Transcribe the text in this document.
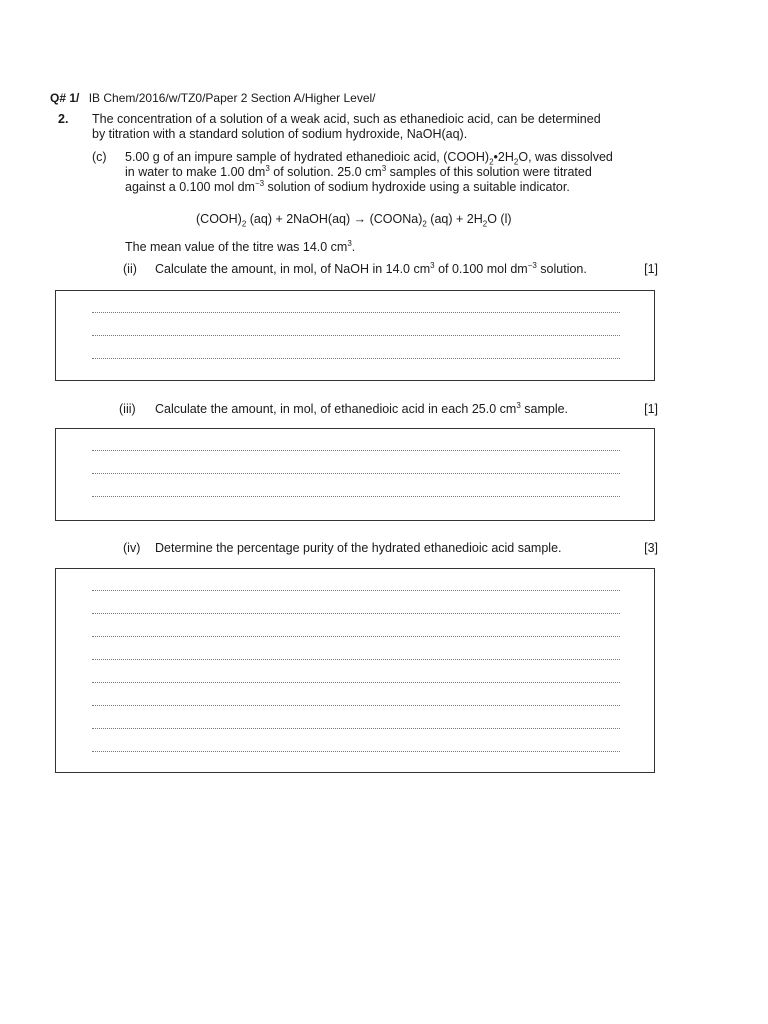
Q# 1/ IB Chem/2016/w/TZ0/Paper 2 Section A/Higher Level/
2. The concentration of a solution of a weak acid, such as ethanedioic acid, can be determined
by titration with a standard solution of sodium hydroxide, NaOH(aq).
(c) 5.00 g of an impure sample of hydrated ethanedioic acid, $(COOH)_2•2H_2O$, was dissolved
in water to make 1.00 $dm^3$ of solution. 25.0 $cm^3$ samples of this solution were titrated
against a 0.100 mol $dm^{-3}$ solution of sodium hydroxide using a suitable indicator.
$(COOH)_2$ (aq) + 2NaOH(aq) → $(COONa)_2$ $(aq) + 2H_2O$ (l)
The mean value of the titre was 14.0 $cm^3$.
(ii) Calculate the amount, in mol, of NaOH in 14.0 $cm^3$ of 0.100 mol $dm^{-3}$ solution.	[1]
(iii) Calculate the amount, in mol, of ethanedioic acid in each 25.0 $cm^3$ sample.	[1]
(iv) Determine the percentage purity of the hydrated ethanedioic acid sample.	[3]
